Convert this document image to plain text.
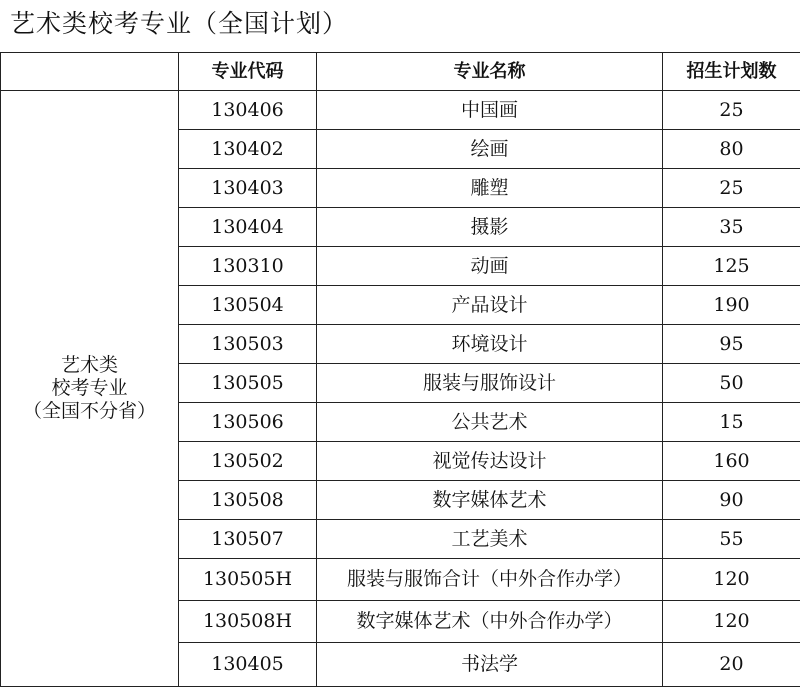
艺术类校考专业（全国计划）
	专业代码	专业名称	招生计划数

艺术类
校考专业
（全国不分省）	130406	中国画	25
	130402	绘画	80
	130403	雕塑	25
	130404	摄影	35
	130310	动画	125
	130504	产品设计	190
	130503	环境设计	95
	130505	服装与服饰设计	50
	130506	公共艺术	15
	130502	视觉传达设计	160
	130508	数字媒体艺术	90
	130507	工艺美术	55
	130505H	服装与服饰合计（中外合作办学）	120
	130508H	数字媒体艺术（中外合作办学）	120
	130405	书法学	20
